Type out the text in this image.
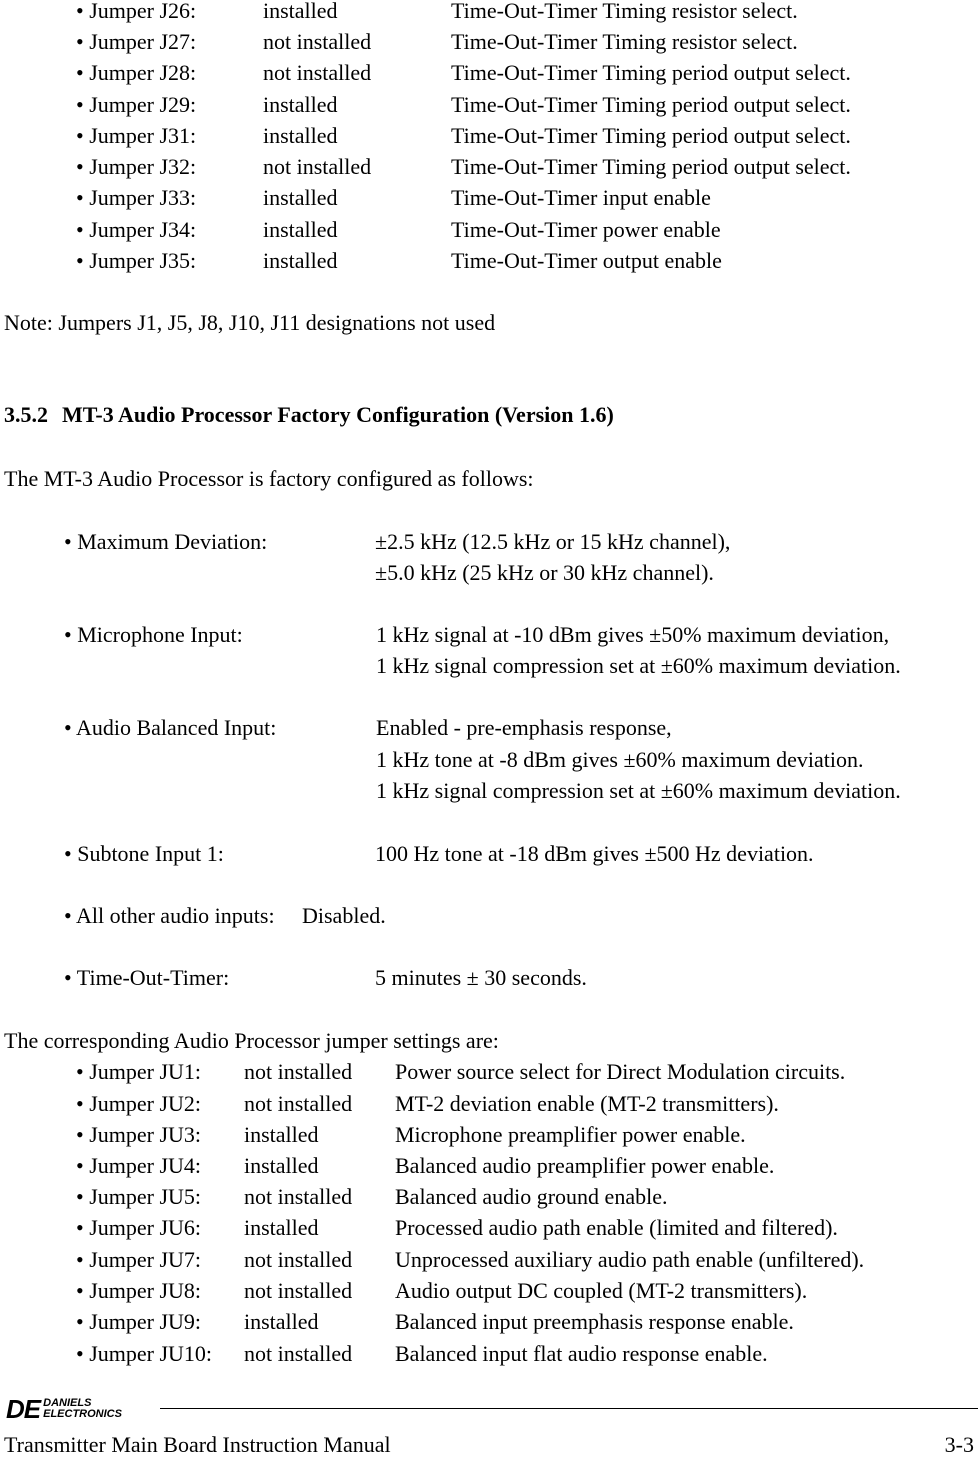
• Jumper J26:	installed	Time-Out-Timer Timing resistor select.
• Jumper J27:	not installed	Time-Out-Timer Timing resistor select.
• Jumper J28:	not installed	Time-Out-Timer Timing period output select.
• Jumper J29:	installed	Time-Out-Timer Timing period output select.
• Jumper J31:	installed	Time-Out-Timer Timing period output select.
• Jumper J32:	not installed	Time-Out-Timer Timing period output select.
• Jumper J33:	installed	Time-Out-Timer input enable
• Jumper J34:	installed	Time-Out-Timer power enable
• Jumper J35:	installed	Time-Out-Timer output enable
Note: Jumpers J1, J5, J8, J10, J11 designations not used
3.5.2 MT-3 Audio Processor Factory Configuration (Version 1.6)
The MT-3 Audio Processor is factory configured as follows:
• Maximum Deviation:	±2.5 kHz (12.5 kHz or 15 kHz channel),
±5.0 kHz (25 kHz or 30 kHz channel).
• Microphone Input:	1 kHz signal at -10 dBm gives ±50% maximum deviation,
1 kHz signal compression set at ±60% maximum deviation.
• Audio Balanced Input:	Enabled - pre-emphasis response,
1 kHz tone at -8 dBm gives ±60% maximum deviation.
1 kHz signal compression set at ±60% maximum deviation.
• Subtone Input 1:	100 Hz tone at -18 dBm gives ±500 Hz deviation.
• All other audio inputs: Disabled.
• Time-Out-Timer:	5 minutes ± 30 seconds.
The corresponding Audio Processor jumper settings are:
• Jumper JU1: not installed Power source select for Direct Modulation circuits.
• Jumper JU2: not installed MT-2 deviation enable (MT-2 transmitters).
• Jumper JU3: installed	Microphone preamplifier power enable.
• Jumper JU4: installed	Balanced audio preamplifier power enable.
• Jumper JU5: not installed Balanced audio ground enable.
• Jumper JU6: installed	Processed audio path enable (limited and filtered).
• Jumper JU7: not installed Unprocessed auxiliary audio path enable (unfiltered).
• Jumper JU8: not installed Audio output DC coupled (MT-2 transmitters).
• Jumper JU9: installed	Balanced input preemphasis response enable.
• Jumper JU10: not installed Balanced input flat audio response enable.
DE DANIELS
ELECTRONICS
Transmitter Main Board Instruction Manual	3-3
